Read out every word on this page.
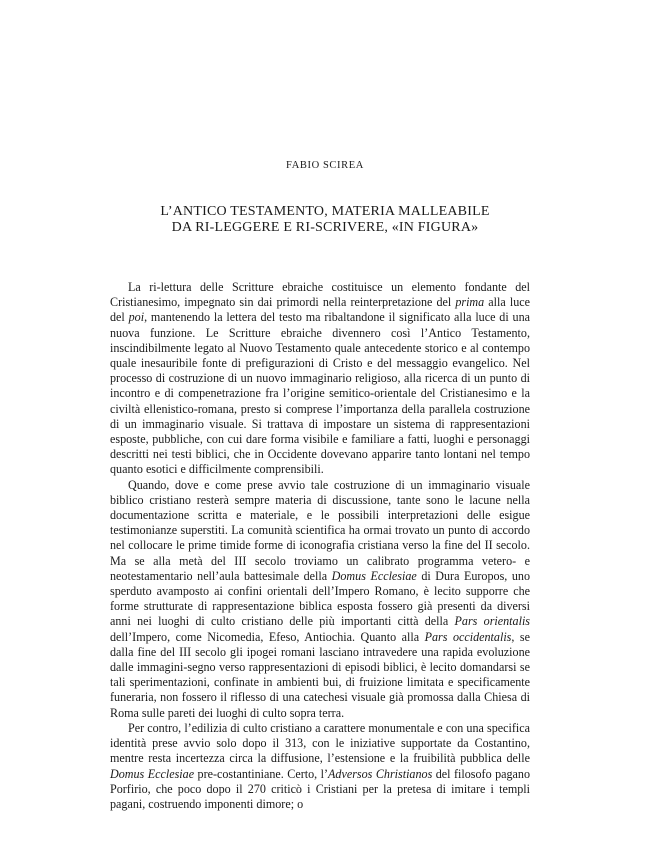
FABIO SCIREA
L’ANTICO TESTAMENTO, MATERIA MALLEABILE
DA RI-LEGGERE E RI-SCRIVERE, «IN FIGURA»

La ri-lettura delle Scritture ebraiche costituisce un elemento fondante del Cristianesimo, impegnato sin dai primordi nella reinterpretazione del prima alla luce del poi, mantenendo la lettera del testo ma ribaltandone il significato alla luce di una nuova funzione. Le Scritture ebraiche divennero così l’Antico Testamento, inscindibilmente legato al Nuovo Testamento quale antecedente storico e al contempo quale inesauribile fonte di prefigurazioni di Cristo e del messaggio evangelico. Nel processo di costruzione di un nuovo immaginario religioso, alla ricerca di un punto di incontro e di compenetrazione fra l’origine semitico-orientale del Cristianesimo e la civiltà ellenistico-romana, presto si comprese l’importanza della parallela costruzione di un immaginario visuale. Si trattava di impostare un sistema di rappresentazioni esposte, pubbliche, con cui dare forma visibile e familiare a fatti, luoghi e personaggi descritti nei testi biblici, che in Occidente dovevano apparire tanto lontani nel tempo quanto esotici e difficilmente comprensibili.

Quando, dove e come prese avvio tale costruzione di un immaginario visuale biblico cristiano resterà sempre materia di discussione, tante sono le lacune nella documentazione scritta e materiale, e le possibili interpretazioni delle esigue testimonianze superstiti. La comunità scientifica ha ormai trovato un punto di accordo nel collocare le prime timide forme di iconografia cristiana verso la fine del II secolo. Ma se alla metà del III secolo troviamo un calibrato programma vetero- e neotestamentario nell’aula battesimale della Domus Ecclesiae di Dura Europos, uno sperduto avamposto ai confini orientali dell’Impero Romano, è lecito supporre che forme strutturate di rappresentazione biblica esposta fossero già presenti da diversi anni nei luoghi di culto cristiano delle più importanti città della Pars orientalis dell’Impero, come Nicomedia, Efeso, Antiochia. Quanto alla Pars occidentalis, se dalla fine del III secolo gli ipogei romani lasciano intravedere una rapida evoluzione dalle immagini-segno verso rappresentazioni di episodi biblici, è lecito domandarsi se tali sperimentazioni, confinate in ambienti bui, di fruizione limitata e specificamente funeraria, non fossero il riflesso di una catechesi visuale già promossa dalla Chiesa di Roma sulle pareti dei luoghi di culto sopra terra.

Per contro, l’edilizia di culto cristiano a carattere monumentale e con una specifica identità prese avvio solo dopo il 313, con le iniziative supportate da Costantino, mentre resta incertezza circa la diffusione, l’estensione e la fruibilità pubblica delle Domus Ecclesiae pre-costantiniane. Certo, l’Adversos Christianos del filosofo pagano Porfirio, che poco dopo il 270 criticò i Cristiani per la pretesa di imitare i templi pagani, costruendo imponenti dimore; o
